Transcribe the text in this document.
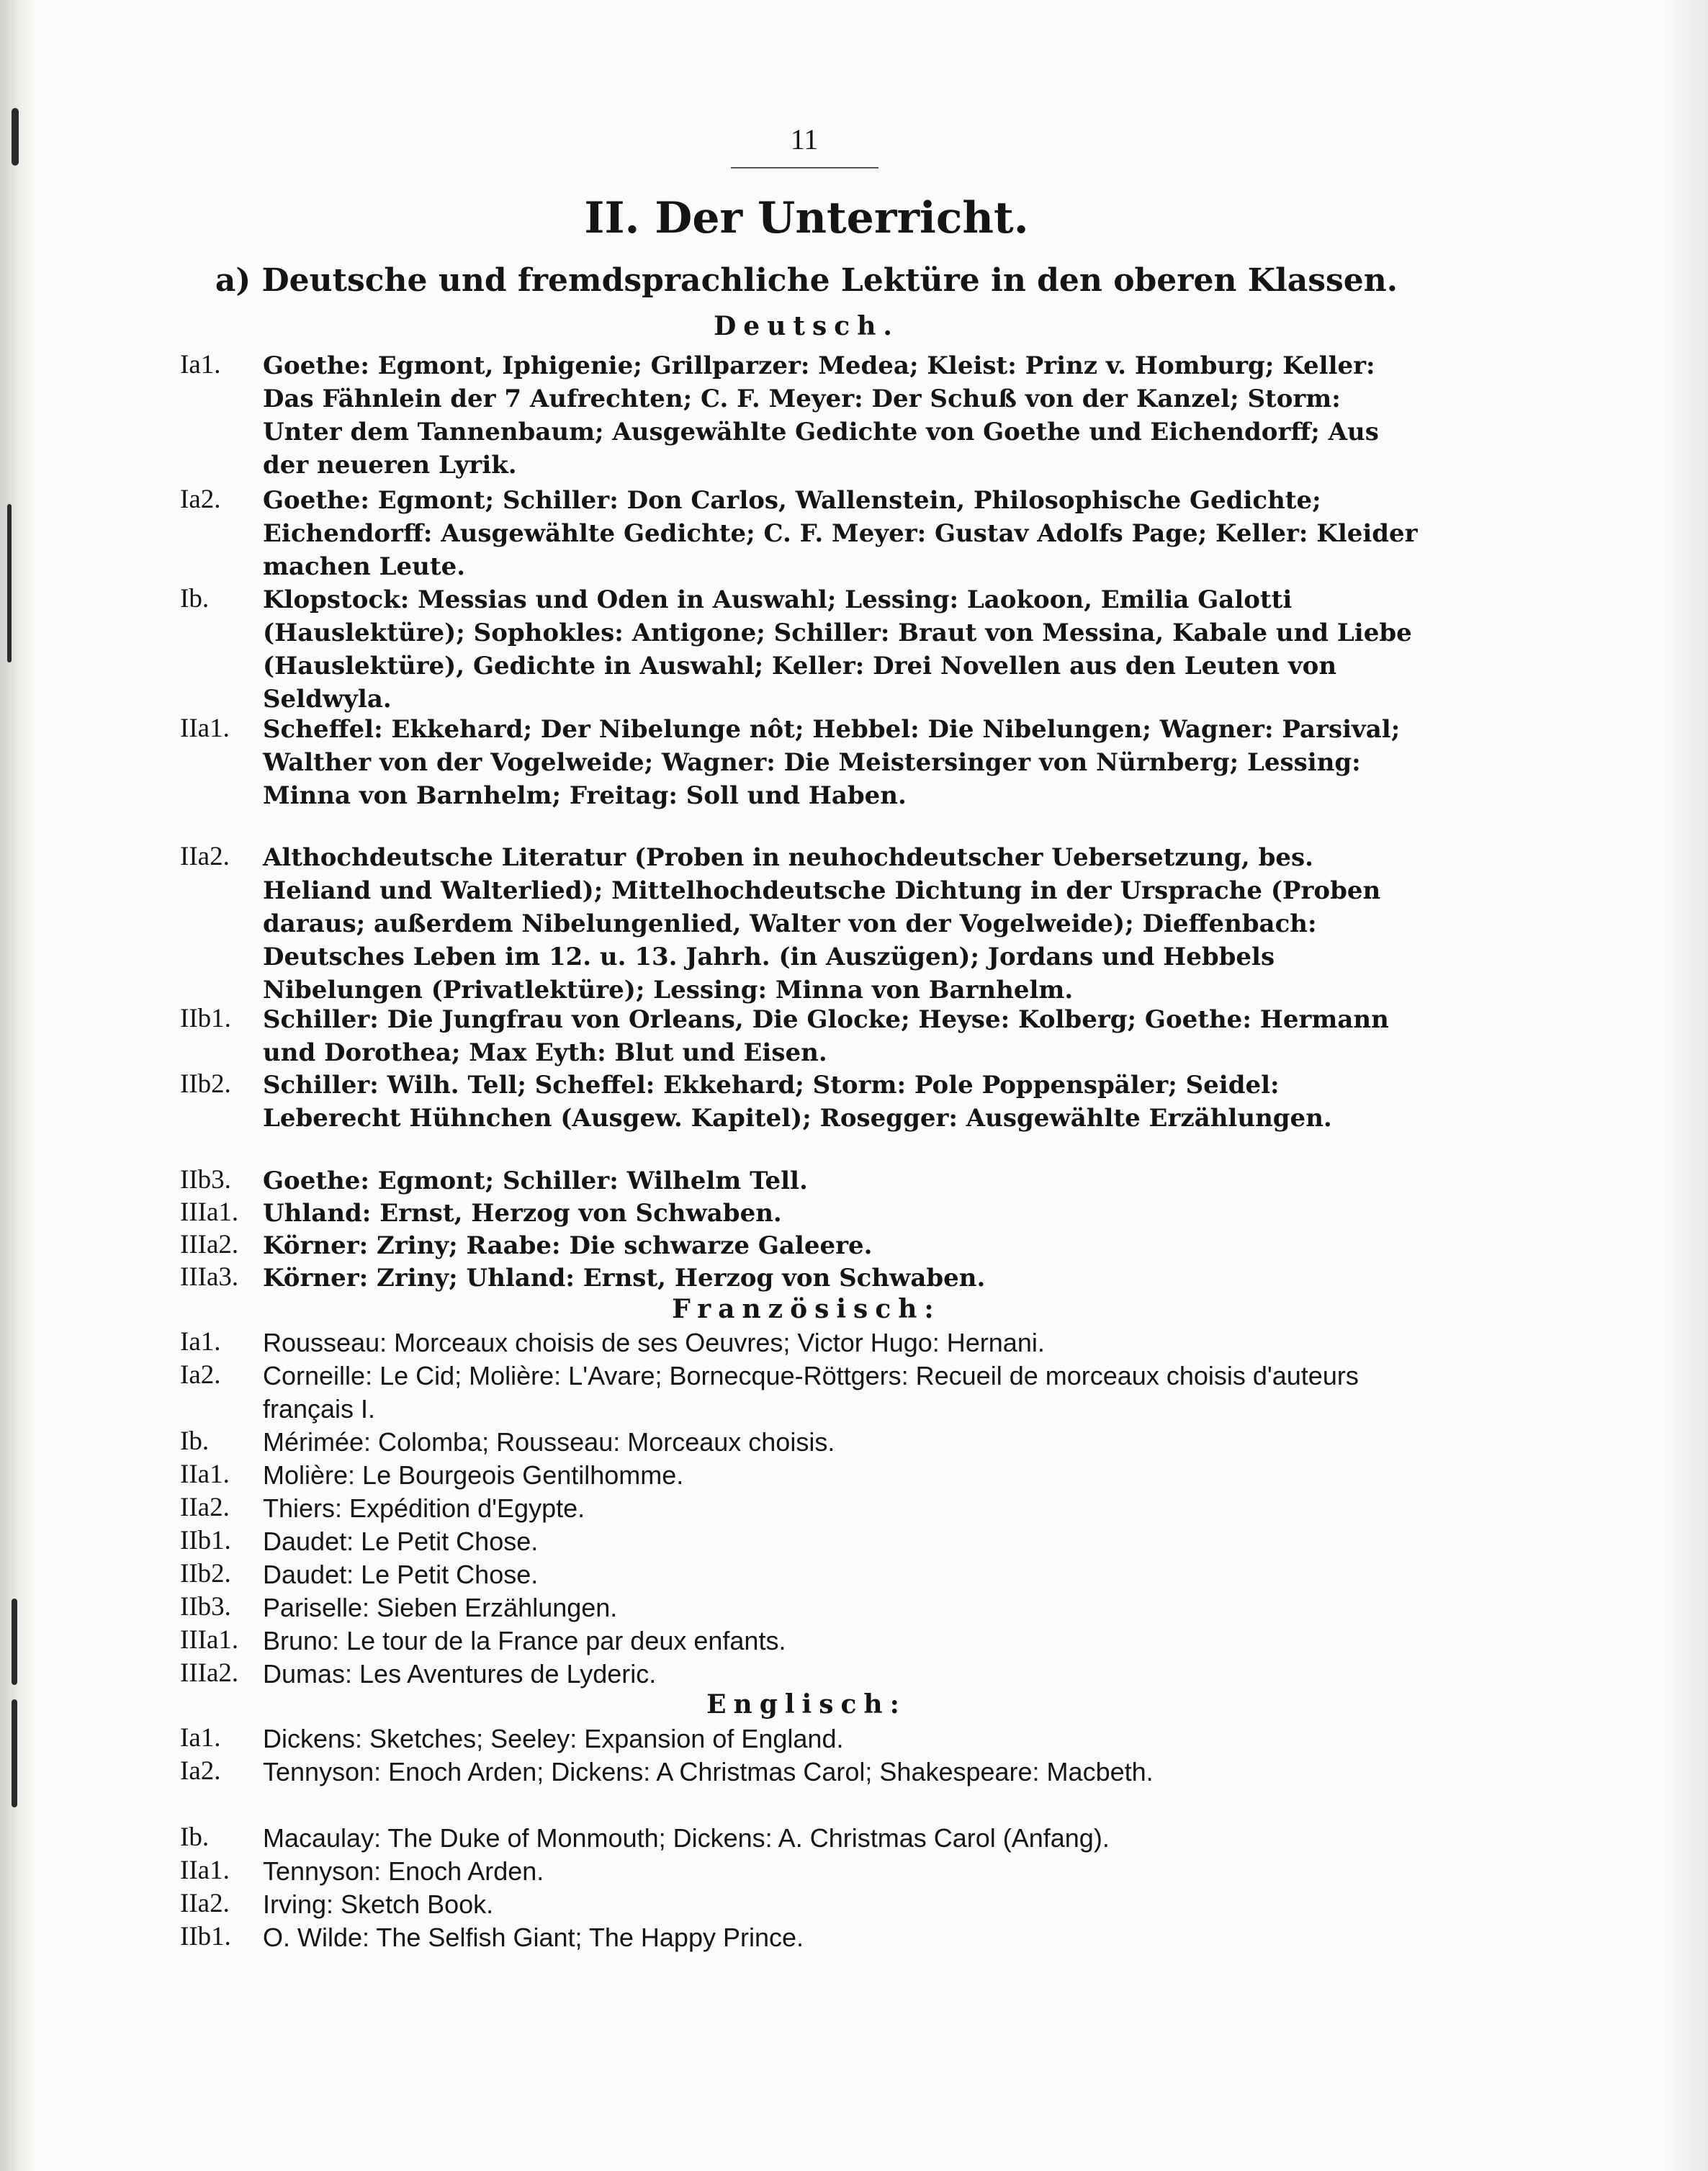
11
II. Der Unterricht.
a) Deutsche und fremdsprachliche Lektüre in den oberen Klassen.
Deutsch.
Ia1. Goethe: Egmont, Iphigenie; Grillparzer: Medea; Kleist: Prinz v. Homburg; Keller: Das Fähnlein der 7 Aufrechten; C. F. Meyer: Der Schuß von der Kanzel; Storm: Unter dem Tannenbaum; Ausgewählte Gedichte von Goethe und Eichendorff; Aus der neueren Lyrik.
Ia2. Goethe: Egmont; Schiller: Don Carlos, Wallenstein, Philosophische Gedichte; Eichendorff: Ausgewählte Gedichte; C. F. Meyer: Gustav Adolfs Page; Keller: Kleider machen Leute.
Ib. Klopstock: Messias und Oden in Auswahl; Lessing: Laokoon, Emilia Galotti (Hauslektüre); Sophokles: Antigone; Schiller: Braut von Messina, Kabale und Liebe (Hauslektüre), Gedichte in Auswahl; Keller: Drei Novellen aus den Leuten von Seldwyla.
IIa1. Scheffel: Ekkehard; Der Nibelunge nôt; Hebbel: Die Nibelungen; Wagner: Parsival; Walther von der Vogelweide; Wagner: Die Meistersinger von Nürnberg; Lessing: Minna von Barnhelm; Freitag: Soll und Haben.
IIa2. Althochdeutsche Literatur (Proben in neuhochdeutscher Uebersetzung, bes. Heliand und Walterlied); Mittelhochdeutsche Dichtung in der Ursprache (Proben daraus; außerdem Nibelungenlied, Walter von der Vogelweide); Dieffenbach: Deutsches Leben im 12. u. 13. Jahrh. (in Auszügen); Jordans und Hebbels Nibelungen (Privatlektüre); Lessing: Minna von Barnhelm.
IIb1. Schiller: Die Jungfrau von Orleans, Die Glocke; Heyse: Kolberg; Goethe: Hermann und Dorothea; Max Eyth: Blut und Eisen.
IIb2. Schiller: Wilh. Tell; Scheffel: Ekkehard; Storm: Pole Poppenspäler; Seidel: Leberecht Hühnchen (Ausgew. Kapitel); Rosegger: Ausgewählte Erzählungen.
IIb3. Goethe: Egmont; Schiller: Wilhelm Tell.
IIIa1. Uhland: Ernst, Herzog von Schwaben.
IIIa2. Körner: Zriny; Raabe: Die schwarze Galeere.
IIIa3. Körner: Zriny; Uhland: Ernst, Herzog von Schwaben.
Französisch:
Ia1. Rousseau: Morceaux choisis de ses Oeuvres; Victor Hugo: Hernani.
Ia2. Corneille: Le Cid; Molière: L'Avare; Bornecque-Röttgers: Recueil de morceaux choisis d'auteurs français I.
Ib. Mérimée: Colomba; Rousseau: Morceaux choisis.
IIa1. Molière: Le Bourgeois Gentilhomme.
IIa2. Thiers: Expédition d'Egypte.
IIb1. Daudet: Le Petit Chose.
IIb2. Daudet: Le Petit Chose.
IIb3. Pariselle: Sieben Erzählungen.
IIIa1. Bruno: Le tour de la France par deux enfants.
IIIa2. Dumas: Les Aventures de Lyderic.
Englisch:
Ia1. Dickens: Sketches; Seeley: Expansion of England.
Ia2. Tennyson: Enoch Arden; Dickens: A Christmas Carol; Shakespeare: Macbeth.
Ib. Macaulay: The Duke of Monmouth; Dickens: A. Christmas Carol (Anfang).
IIa1. Tennyson: Enoch Arden.
IIa2. Irving: Sketch Book.
IIb1. O. Wilde: The Selfish Giant; The Happy Prince.
